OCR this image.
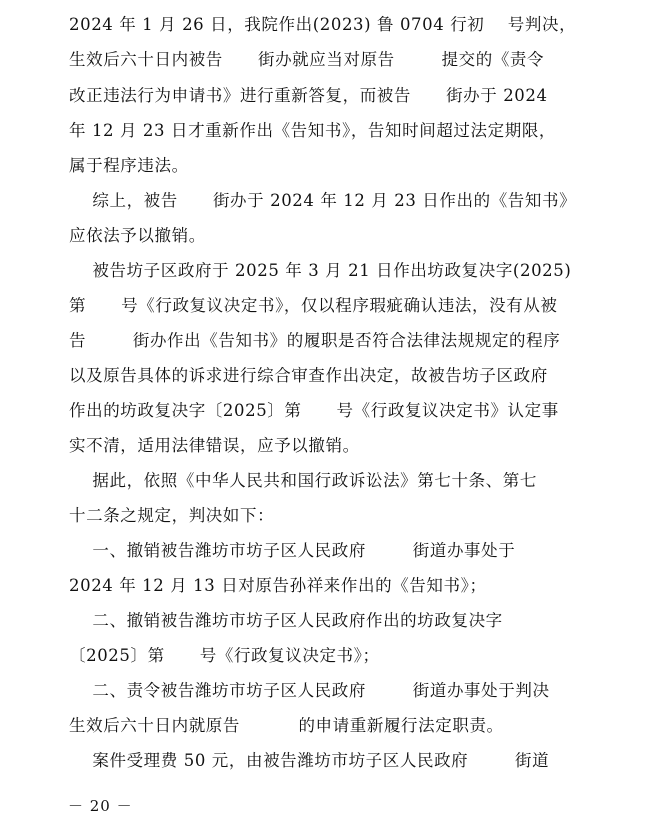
2024 年 1 月 26 日，我院作出(2023) 鲁 0704 行初    号判决，
生效后六十日内被告      街办就应当对原告        提交的《责令
改正违法行为申请书》进行重新答复，而被告      街办于 2024
年 12 月 23 日才重新作出《告知书》，告知时间超过法定期限，
属于程序违法。
综上，被告      街办于 2024 年 12 月 23 日作出的《告知书》
应依法予以撤销。
被告坊子区政府于 2025 年 3 月 21 日作出坊政复决字(2025)
第      号《行政复议决定书》，仅以程序瑕疵确认违法，没有从被
告        街办作出《告知书》的履职是否符合法律法规规定的程序
以及原告具体的诉求进行综合审查作出决定，故被告坊子区政府
作出的坊政复决字〔2025〕第      号《行政复议决定书》认定事
实不清，适用法律错误，应予以撤销。
据此，依照《中华人民共和国行政诉讼法》第七十条、第七
十二条之规定，判决如下：
一、撤销被告潍坊市坊子区人民政府        街道办事处于
2024 年 12 月 13 日对原告孙祥来作出的《告知书》；
二、撤销被告潍坊市坊子区人民政府作出的坊政复决字
〔2025〕第      号《行政复议决定书》；
二、责令被告潍坊市坊子区人民政府        街道办事处于判决
生效后六十日内就原告          的申请重新履行法定职责。
案件受理费 50 元，由被告潍坊市坊子区人民政府        街道
－ 20 －
